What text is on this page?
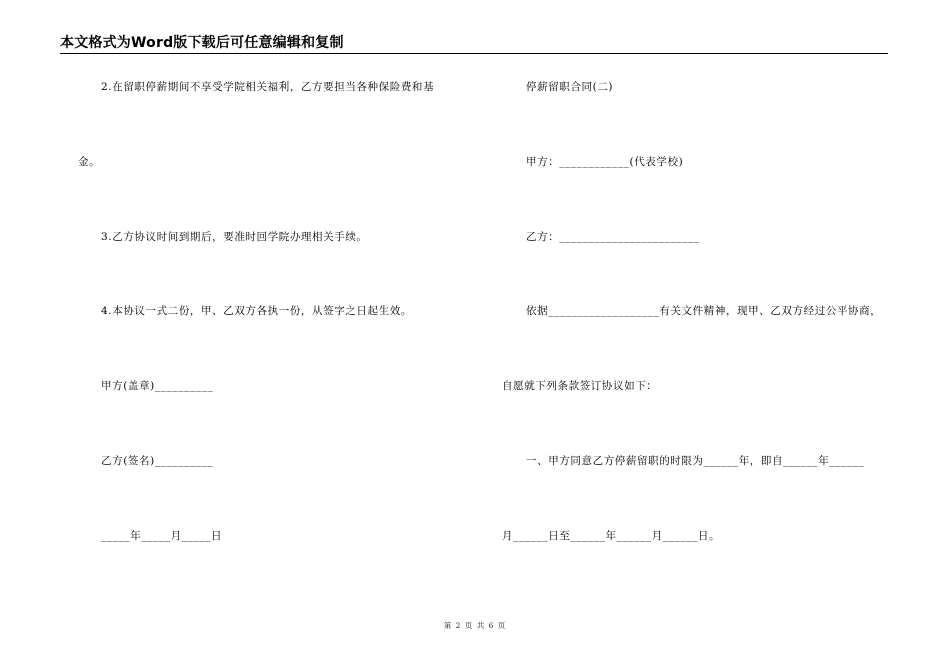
本文格式为Word版下载后可任意编辑和复制
2.在留职停薪期间不享受学院相关福利，乙方要担当各种保险费和基
金。
3.乙方协议时间到期后，要准时回学院办理相关手续。
4.本协议一式二份，甲、乙双方各执一份，从签字之日起生效。
甲方(盖章)__________
乙方(签名)__________
_____年_____月_____日
停薪留职合同(二)
甲方：____________(代表学校)
乙方：________________________
依据___________________有关文件精神，现甲、乙双方经过公平协商，
自愿就下列条款签订协议如下：
一、甲方同意乙方停薪留职的时限为______年，即自______年______
月______日至______年______月______日。
第 2 页 共 6 页
